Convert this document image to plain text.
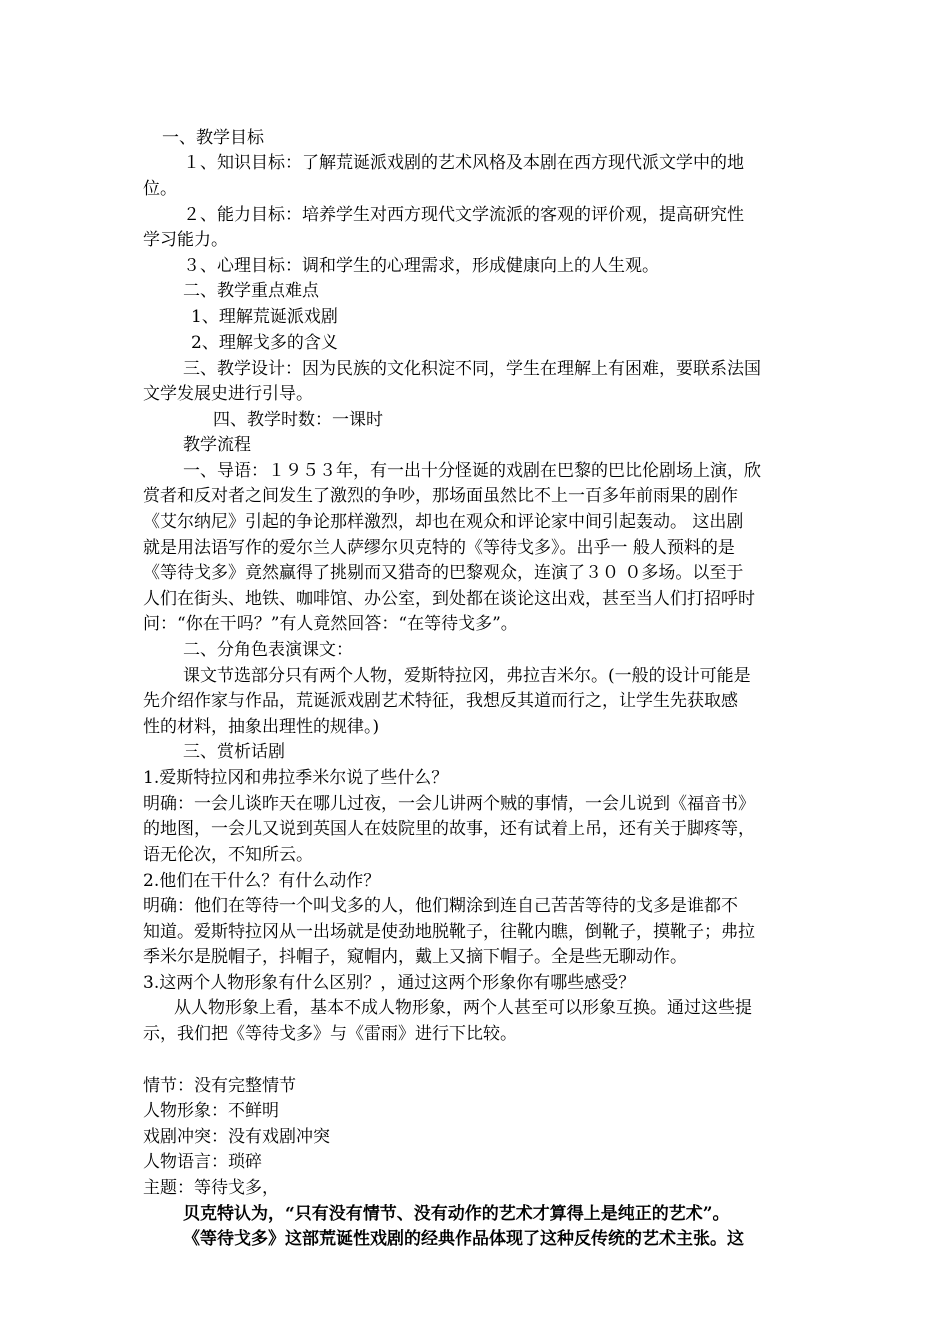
一、教学目标
１、知识目标：了解荒诞派戏剧的艺术风格及本剧在西方现代派文学中的地
位。
２、能力目标：培养学生对西方现代文学流派的客观的评价观，提高研究性
学习能力。
３、心理目标：调和学生的心理需求，形成健康向上的人生观。
二、教学重点难点
1、理解荒诞派戏剧
2、理解戈多的含义
三、教学设计：因为民族的文化积淀不同，学生在理解上有困难，要联系法国
文学发展史进行引导。
四、教学时数：一课时
教学流程
一、导语：１９５３年，有一出十分怪诞的戏剧在巴黎的巴比伦剧场上演，欣
赏者和反对者之间发生了激烈的争吵，那场面虽然比不上一百多年前雨果的剧作
《艾尔纳尼》引起的争论那样激烈，却也在观众和评论家中间引起轰动。 这出剧
就是用法语写作的爱尔兰人萨缪尔贝克特的《等待戈多》。出乎一 般人预料的是
《等待戈多》竟然赢得了挑剔而又猎奇的巴黎观众，连演了３０ ０多场。以至于
人们在街头、地铁、咖啡馆、办公室，到处都在谈论这出戏，甚至当人们打招呼时
问：“你在干吗？”有人竟然回答：“在等待戈多”。
二、分角色表演课文：
课文节选部分只有两个人物，爱斯特拉冈，弗拉吉米尔。(一般的设计可能是
先介绍作家与作品，荒诞派戏剧艺术特征，我想反其道而行之，让学生先获取感
性的材料，抽象出理性的规律。)
三、赏析话剧
1.爱斯特拉冈和弗拉季米尔说了些什么？
明确：一会儿谈昨天在哪儿过夜，一会儿讲两个贼的事情，一会儿说到《福音书》
的地图，一会儿又说到英国人在妓院里的故事，还有试着上吊，还有关于脚疼等，
语无伦次，不知所云。
2.他们在干什么？有什么动作？
明确：他们在等待一个叫戈多的人，他们糊涂到连自己苦苦等待的戈多是谁都不
知道。爱斯特拉冈从一出场就是使劲地脱靴子，往靴内瞧，倒靴子，摸靴子；弗拉
季米尔是脱帽子，抖帽子，窥帽内，戴上又摘下帽子。全是些无聊动作。
3.这两个人物形象有什么区别？，通过这两个形象你有哪些感受？
从人物形象上看，基本不成人物形象，两个人甚至可以形象互换。通过这些提
示，我们把《等待戈多》与《雷雨》进行下比较。
情节：没有完整情节
人物形象：不鲜明
戏剧冲突：没有戏剧冲突
人物语言：琐碎
主题：等待戈多，
贝克特认为，“只有没有情节、没有动作的艺术才算得上是纯正的艺术”。
《等待戈多》这部荒诞性戏剧的经典作品体现了这种反传统的艺术主张。这
